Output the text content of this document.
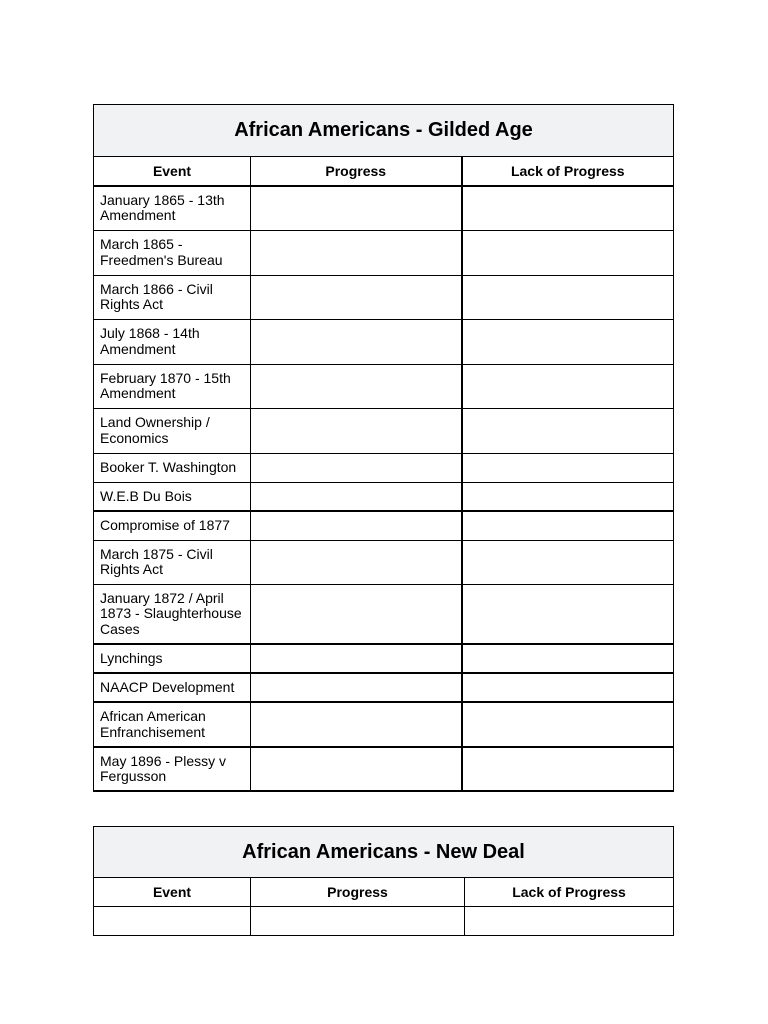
African Americans - Gilded Age		
Event	Progress	Lack of Progress
January 1865 - 13th Amendment		
March 1865 - Freedmen's Bureau		
March 1866 - Civil Rights Act		
July 1868 - 14th Amendment		
February 1870 - 15th Amendment		
Land Ownership / Economics		
Booker T. Washington		
W.E.B Du Bois		
Compromise of 1877		
March 1875 - Civil Rights Act		
January 1872 / April 1873 - Slaughterhouse Cases		
Lynchings		
NAACP Development		
African American Enfranchisement		
May 1896 - Plessy v Fergusson		
African Americans - New Deal		
Event	Progress	Lack of Progress
